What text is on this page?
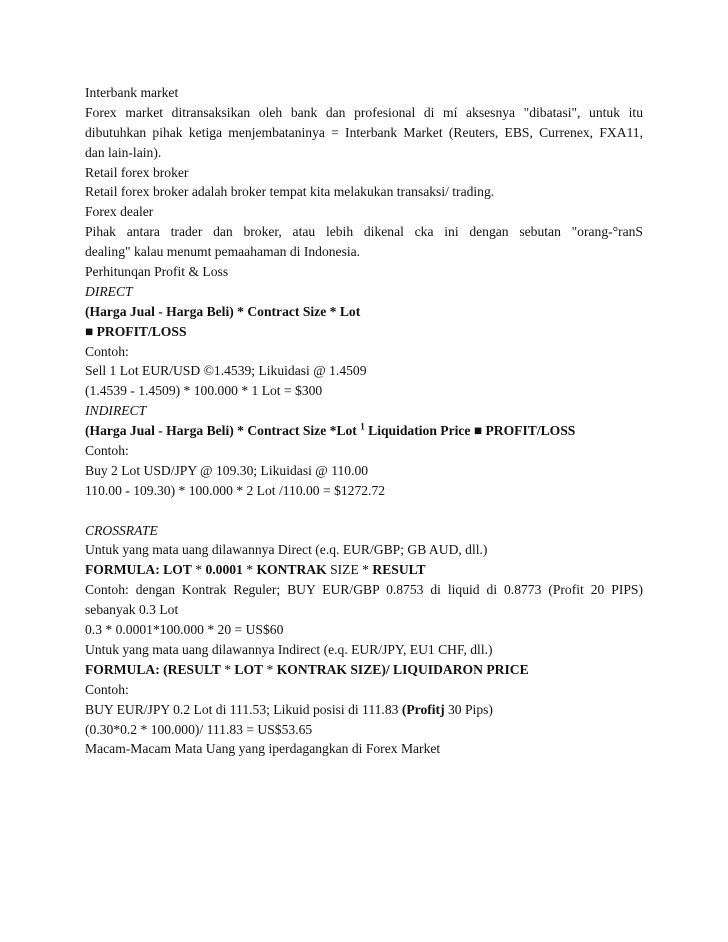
Interbank market
Forex market ditransaksikan oleh bank dan profesional di mí aksesnya "dibatasi", untuk itu
dibutuhkan pihak ketiga menjembataninya = Interbank Market (Reuters, EBS, Currenex, FXA11,
dan lain-lain).
Retail forex broker
Retail forex broker adalah broker tempat kita melakukan transaksi/ trading.
Forex dealer
Pihak antara trader dan broker, atau lebih dikenal cka ini dengan sebutan "orang-°ranS
dealing" kalau menumt pemaahaman di Indonesia.
Perhitunqan Profit & Loss
DIRECT
(Harga Jual - Harga Beli) * Contract Size * Lot
■ PROFIT/LOSS
Contoh:
Sell 1 Lot EUR/USD ©1.4539; Likuidasi @ 1.4509
(1.4539 - 1.4509) * 100.000 * 1 Lot = $300
INDIRECT
(Harga Jual - Harga Beli) * Contract Size *Lot $^1$ Liquidation Price ■ PROFIT/LOSS
Contoh:
Buy 2 Lot USD/JPY @ 109.30; Likuidasi @ 110.00
110.00 - 109.30) * 100.000 * 2 Lot /110.00 = $1272.72
CROSSRATE
Untuk yang mata uang dilawannya Direct (e.q. EUR/GBP; GB AUD, dll.)
FORMULA: LOT * 0.0001 * KONTRAK SIZE * RESULT
Contoh: dengan Kontrak Reguler; BUY EUR/GBP 0.8753 di liquid di 0.8773 (Profit 20 PIPS)
sebanyak 0.3 Lot
0.3 * 0.0001*100.000 * 20 = US$60
Untuk yang mata uang dilawannya Indirect (e.q. EUR/JPY, EU1 CHF, dll.)
FORMULA: (RESULT * LOT * KONTRAK SIZE)/ LIQUIDARON PRICE
Contoh:
BUY EUR/JPY 0.2 Lot di 111.53; Likuid posisi di 111.83 (Profitj 30 Pips)
(0.30*0.2 * 100.000)/ 111.83 = US$53.65
Macam-Macam Mata Uang yang iperdagangkan di Forex Market
